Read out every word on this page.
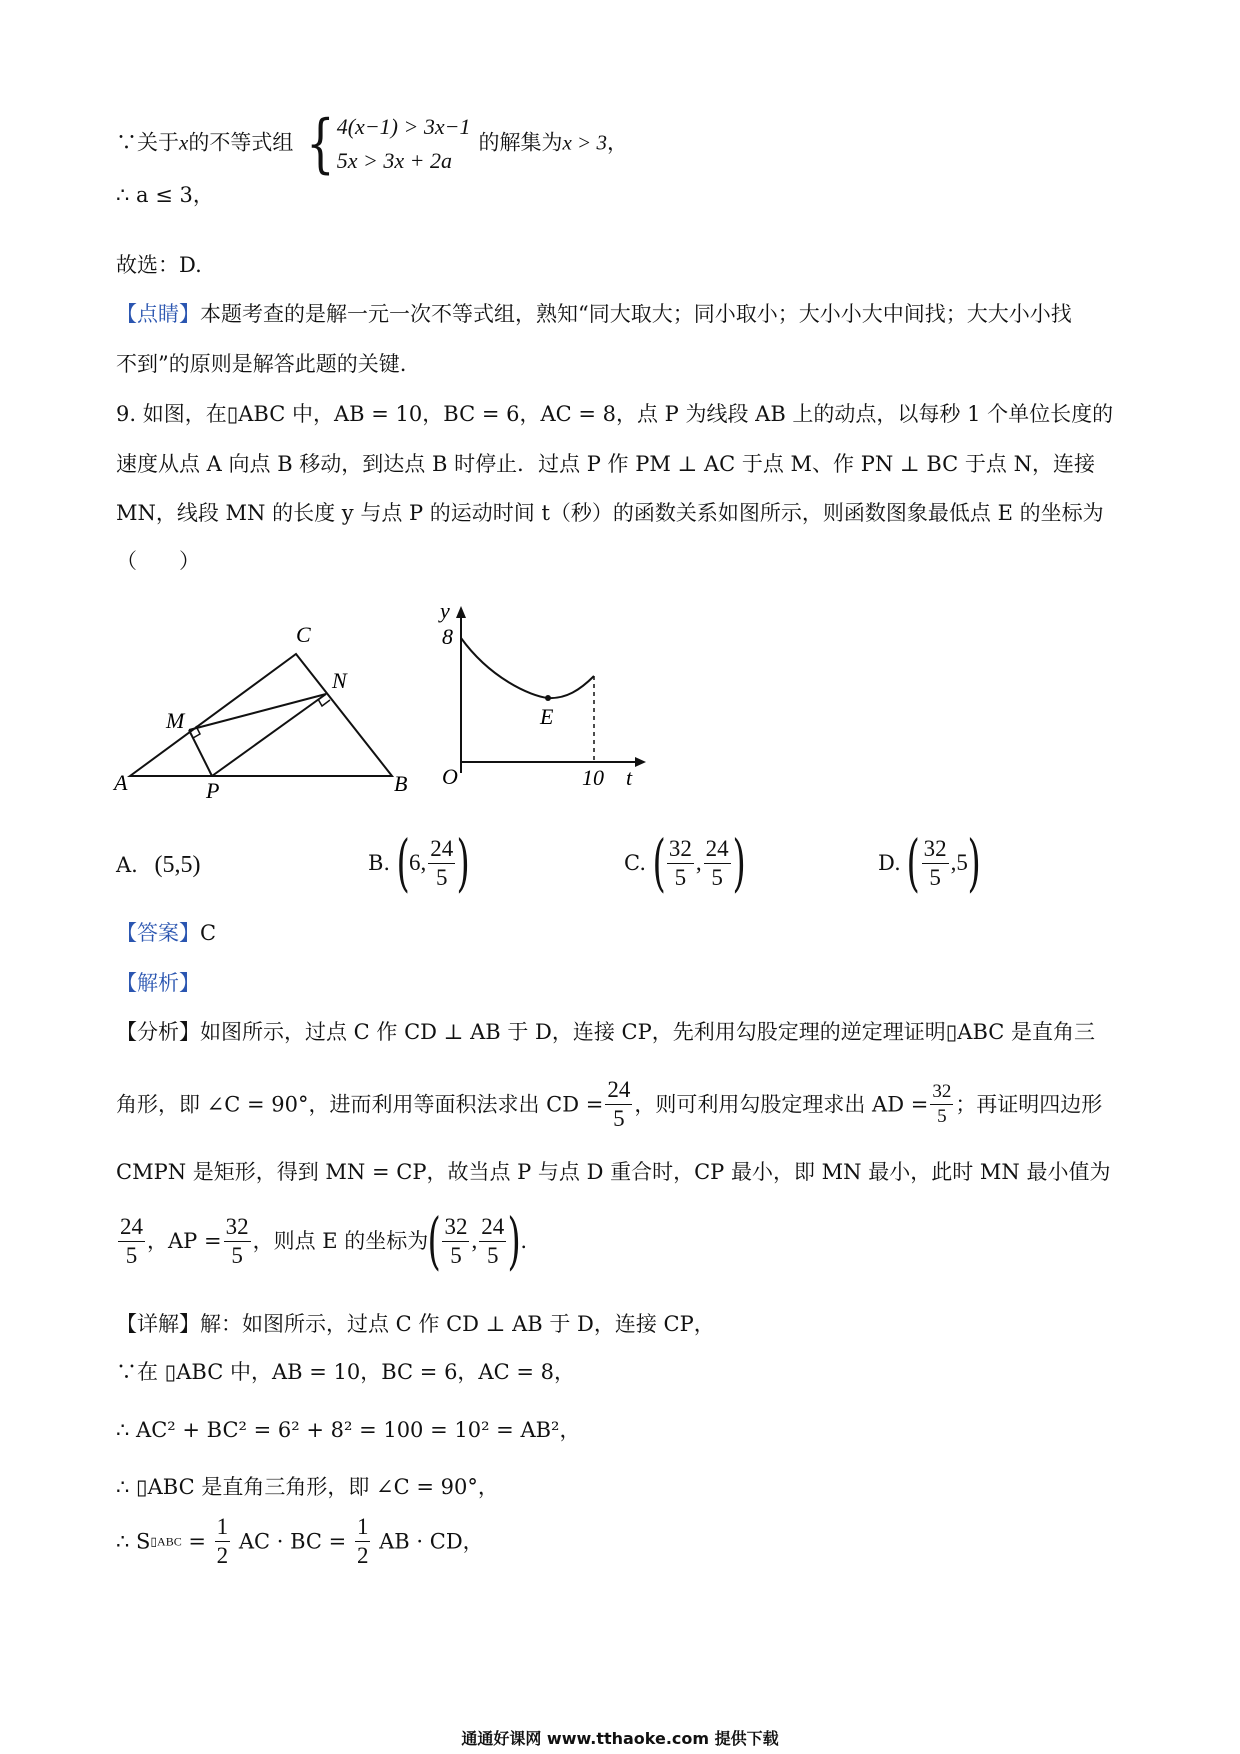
∵关于x的不等式组 { 4(x−1) > 3x−1
5x > 3x + 2a
的解集为x > 3，
∴ a ≤ 3，
故选：D.
【点睛】本题考查的是解一元一次不等式组，熟知“同大取大；同小取小；大小小大中间找；大大小小找
不到”的原则是解答此题的关键.
9. 如图，在▯ABC 中，AB = 10，BC = 6，AC = 8，点 P 为线段 AB 上的动点，以每秒 1 个单位长度的
速度从点 A 向点 B 移动，到达点 B 时停止．过点 P 作 PM ⊥ AC 于点 M、作 PN ⊥ BC 于点 N，连接
MN，线段 MN 的长度 y 与点 P 的运动时间 t（秒）的函数关系如图所示，则函数图象最低点 E 的坐标为
（　　）
A	B
C
M
N
P
y
t
O
E
8
10
A. (5,5)	B. (6, $\frac{24}{5}$ )	C. ( $\frac{32}{5}$ , $\frac{24}{5}$ )	D. ( $\frac{32}{5} ,5$)
【答案】C
【解析】
【分析】如图所示，过点 C 作 CD ⊥ AB 于 D，连接 CP，先利用勾股定理的逆定理证明▯ABC 是直角三
角形，即 ∠C = 90°，进而利用等面积法求出 CD = $\frac{24}{5}$ ，则可利用勾股定理求出 AD = $\frac{32}{5}$ ；再证明四边形
CMPN 是矩形，得到 MN = CP，故当点 P 与点 D 重合时，CP 最小，即 MN 最小，此时 MN 最小值为
$\frac{24}{5}$ ，AP = $\frac{32}{5}$ ，则点 E 的坐标为( $\frac{32}{5}$ , $\frac{24}{5}$ ).
【详解】解：如图所示，过点 C 作 CD ⊥ AB 于 D，连接 CP，
∵在 ▯ABC 中，AB = 10，BC = 6，AC = 8，
∴ AC² + BC² = 6² + 8² = 100 = 10² = AB²，
∴ ▯ABC 是直角三角形，即 ∠C = 90°，
∴ S▯ABC = $\frac{1}{2}$ AC · BC = $\frac{1}{2}$ AB · CD，
通通好课网 www.tthaoke.com 提供下载
